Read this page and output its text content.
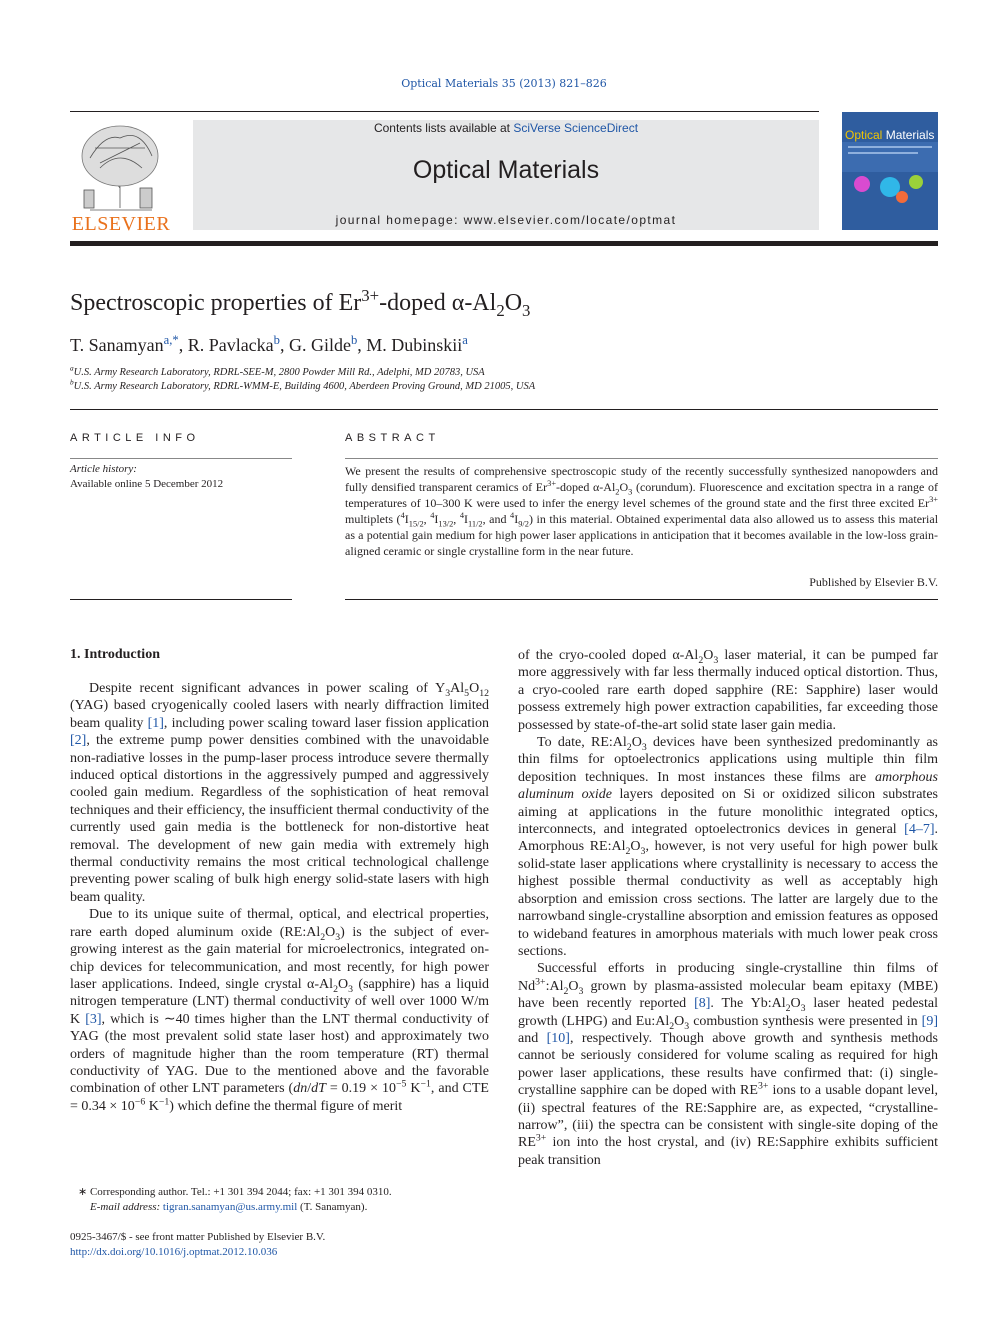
Optical Materials 35 (2013) 821–826
ELSEVIER
Contents lists available at SciVerse ScienceDirect
Optical Materials
journal homepage: www.elsevier.com/locate/optmat
Optical Materials
Spectroscopic properties of $Er^{3+}$-doped $\alpha-Al_2O_3$
T. Sanamyan$^{a,*}$, R. Pavlacka$^b$, G. Gilde$^b$, M. Dubinskii$^a$
$^a$U.S. Army Research Laboratory, RDRL-SEE-M, 2800 Powder Mill Rd., Adelphi, MD 20783, USA
$^b$U.S. Army Research Laboratory, RDRL-WMM-E, Building 4600, Aberdeen Proving Ground, MD 21005, USA
ARTICLE INFO	ABSTRACT
Article history:
Available online 5 December 2012
We present the results of comprehensive spectroscopic study of the recently successfully synthesized nanopowders and fully densified transparent ceramics of $Er^{3+}$-doped $\alpha-Al_2O_3$ (corundum). Fluorescence and excitation spectra in a range of temperatures of 10–300 K were used to infer the energy level schemes of the ground state and the first three excited $Er^{3+}$ multiplets ($^4I_{15/2}$, $^4I_{13/2}$, $^4I_{11/2}$, and $^4I_{9/2}$) in this material. Obtained experimental data also allowed us to assess this material as a potential gain medium for high power laser applications in anticipation that it becomes available in the low-loss grain-aligned ceramic or single crystalline form in the near future.
Published by Elsevier B.V.
1. Introduction

Despite recent significant advances in power scaling of $Y_3Al_5O_{12}$ (YAG) based cryogenically cooled lasers with nearly diffraction limited beam quality [1], including power scaling toward laser fission application [2], the extreme pump power densities combined with the unavoidable non-radiative losses in the pump-laser process introduce severe thermally induced optical distortions in the aggressively pumped and aggressively cooled gain medium. Regardless of the sophistication of heat removal techniques and their efficiency, the insufficient thermal conductivity of the currently used gain media is the bottleneck for non-distortive heat removal. The development of new gain media with extremely high thermal conductivity remains the most critical technological challenge preventing power scaling of bulk high energy solid-state lasers with high beam quality.

Due to its unique suite of thermal, optical, and electrical properties, rare earth doped aluminum oxide $(RE:Al_2O_3)$ is the subject of ever-growing interest as the gain material for microelectronics, integrated on-chip devices for telecommunication, and most recently, for high power laser applications. Indeed, single crystal $\alpha-Al_2O_3$ (sapphire) has a liquid nitrogen temperature (LNT) thermal conductivity of well over 1000 W/m K [3], which is ∼40 times higher than the LNT thermal conductivity of YAG (the most prevalent solid state laser host) and approximately two orders of magnitude higher than the room temperature (RT) thermal conductivity of YAG. Due to the mentioned above and the favorable combination of other LNT parameters ($dn/dT = 0.19 \times 10^{-5}$ $K^{-1}$, and CTE = $0.34 \times 10^{-6}$ $K^{-1}$) which define the thermal figure of merit

of the cryo-cooled doped $\alpha-Al_2O_3$ laser material, it can be pumped far more aggressively with far less thermally induced optical distortion. Thus, a cryo-cooled rare earth doped sapphire (RE: Sapphire) laser would possess extremely high power extraction capabilities, far exceeding those possessed by state-of-the-art solid state laser gain media.

To date, $RE:Al_2O_3$ devices have been synthesized predominantly as thin films for optoelectronics applications using multiple thin film deposition techniques. In most instances these films are amorphous aluminum oxide layers deposited on Si or oxidized silicon substrates aiming at applications in the future monolithic integrated optics, interconnects, and integrated optoelectronics devices in general [4–7]. Amorphous $RE:Al_2O_3$, however, is not very useful for high power bulk solid-state laser applications where crystallinity is necessary to access the highest possible thermal conductivity as well as acceptably high absorption and emission cross sections. The latter are largely due to the narrowband single-crystalline absorption and emission features as opposed to wideband features in amorphous materials with much lower peak cross sections.

Successful efforts in producing single-crystalline thin films of $Nd^{3+}:Al_2O_3$ grown by plasma-assisted molecular beam epitaxy (MBE) have been recently reported [8]. The $Yb:Al_2O_3$ laser heated pedestal growth (LHPG) and $Eu:Al_2O_3$ combustion synthesis were presented in [9] and [10], respectively. Though above growth and synthesis methods cannot be seriously considered for volume scaling as required for high power laser applications, these results have confirmed that: (i) single-crystalline sapphire can be doped with $RE^{3+}$ ions to a usable dopant level, (ii) spectral features of the RE:Sapphire are, as expected, “crystalline-narrow”, (iii) the spectra can be consistent with single-site doping of the $RE^{3+}$ ion into the host crystal, and (iv) RE:Sapphire exhibits sufficient peak transition

∗ Corresponding author. Tel.: +1 301 394 2044; fax: +1 301 394 0310.
E-mail address: tigran.sanamyan@us.army.mil (T. Sanamyan).
0925-3467/$ - see front matter Published by Elsevier B.V.
http://dx.doi.org/10.1016/j.optmat.2012.10.036
